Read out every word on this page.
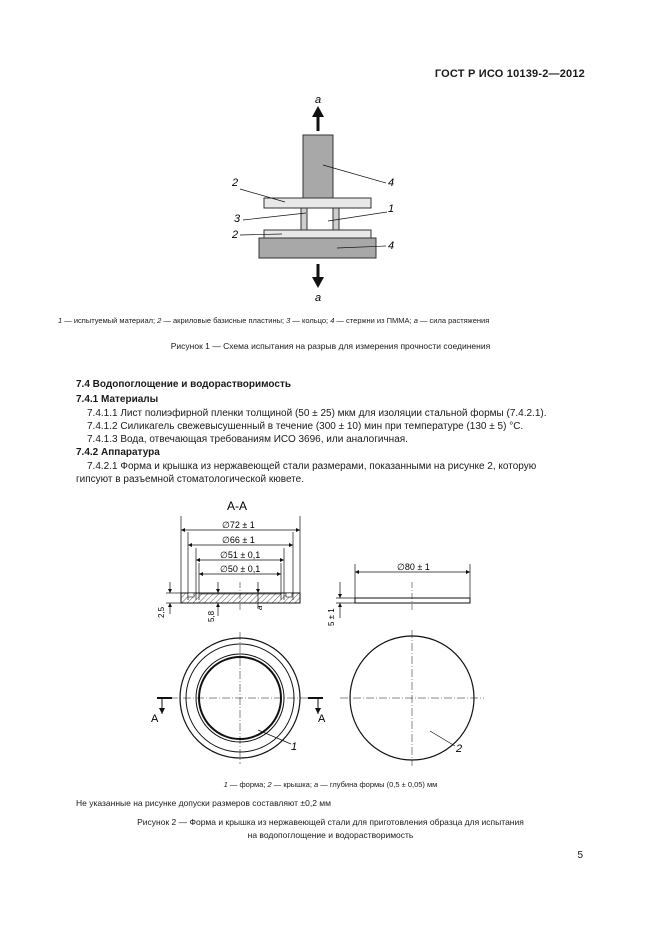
ГОСТ Р ИСО 10139-2—2012
a
a
2
2
3
1
4
4
1 — испытуемый материал; 2 — акриловые базисные пластины; 3 — кольцо; 4 — стержни из ПММА; a — сила растяжения
Рисунок 1 — Схема испытания на разрыв для измерения прочности соединения
7.4 Водопоглощение и водорастворимость
7.4.1 Материалы
7.4.1.1 Лист полиэфирной пленки толщиной (50 ± 25) мкм для изоляции стальной формы (7.4.2.1).
7.4.1.2 Силикагель свежевысушенный в течение (300 ± 10) мин при температуре (130 ± 5) °С.
7.4.1.3 Вода, отвечающая требованиям ИСО 3696, или аналогичная.
7.4.2 Аппаратура
7.4.2.1 Форма и крышка из нержавеющей стали размерами, показанными на рисунке 2, которую
гипсуют в разъемной стоматологической кювете.
А-А
∅72 ± 1
∅66 ± 1
∅51 ± 0,1
∅50 ± 0,1
2,5	5,8
a
∅80 ± 1
5 ± 1
A	A
1	2
1 — форма; 2 — крышка; a — глубина формы (0,5 ± 0,05) мм
Не указанные на рисунке допуски размеров составляют ±0,2 мм
Рисунок 2 — Форма и крышка из нержавеющей стали для приготовления образца для испытания
на водопоглощение и водорастворимость
5
